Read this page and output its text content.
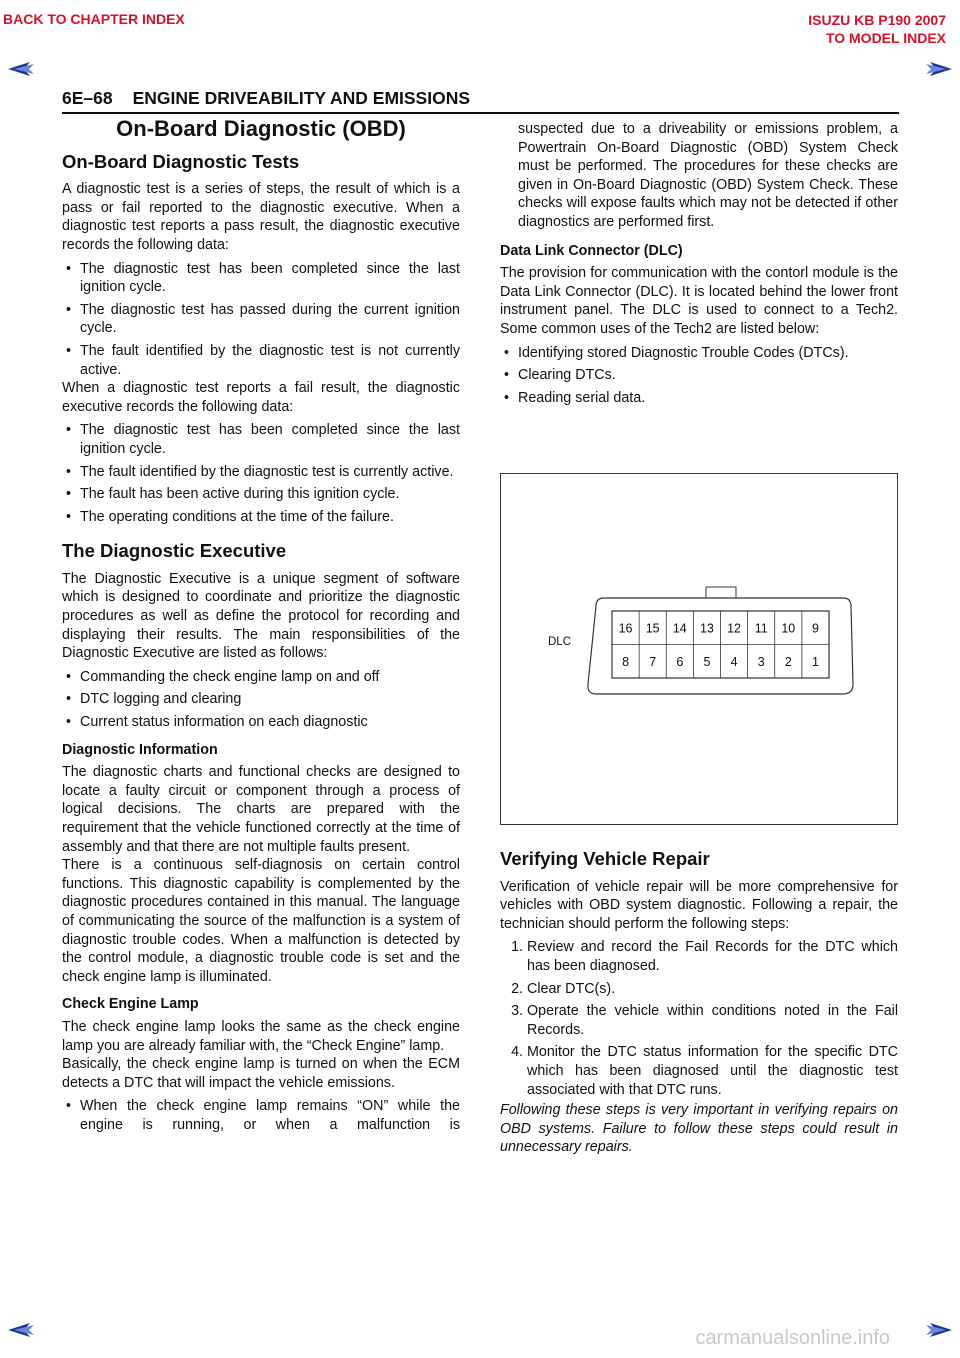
BACK TO CHAPTER INDEX	ISUZU KB P190 2007
TO MODEL INDEX
6E–68 ENGINE DRIVEABILITY AND EMISSIONS
On-Board Diagnostic (OBD)
On-Board Diagnostic Tests

A diagnostic test is a series of steps, the result of which is a pass or fail reported to the diagnostic executive. When a diagnostic test reports a pass result, the diagnostic executive records the following data:

• The diagnostic test has been completed since the last ignition cycle.
• The diagnostic test has passed during the current ignition cycle.
• The fault identified by the diagnostic test is not currently active.

When a diagnostic test reports a fail result, the diagnostic executive records the following data:

• The diagnostic test has been completed since the last ignition cycle.
• The fault identified by the diagnostic test is currently active.
• The fault has been active during this ignition cycle.
• The operating conditions at the time of the failure.
The Diagnostic Executive

The Diagnostic Executive is a unique segment of software which is designed to coordinate and prioritize the diagnostic procedures as well as define the protocol for recording and displaying their results. The main responsibilities of the Diagnostic Executive are listed as follows:

• Commanding the check engine lamp on and off
• DTC logging and clearing
• Current status information on each diagnostic
Diagnostic Information

The diagnostic charts and functional checks are designed to locate a faulty circuit or component through a process of logical decisions. The charts are prepared with the requirement that the vehicle functioned correctly at the time of assembly and that there are not multiple faults present.

There is a continuous self-diagnosis on certain control functions. This diagnostic capability is complemented by the diagnostic procedures contained in this manual. The language of communicating the source of the malfunction is a system of diagnostic trouble codes. When a malfunction is detected by the control module, a diagnostic trouble code is set and the check engine lamp is illuminated.

Check Engine Lamp

The check engine lamp looks the same as the check engine lamp you are already familiar with, the “Check Engine” lamp.

Basically, the check engine lamp is turned on when the ECM detects a DTC that will impact the vehicle emissions.

• When the check engine lamp remains “ON” while the engine is running, or when a malfunction is

suspected due to a driveability or emissions problem, a Powertrain On-Board Diagnostic (OBD) System Check must be performed. The procedures for these checks are given in On-Board Diagnostic (OBD) System Check. These checks will expose faults which may not be detected if other diagnostics are performed first.

Data Link Connector (DLC)

The provision for communication with the contorl module is the Data Link Connector (DLC). It is located behind the lower front instrument panel. The DLC is used to connect to a Tech2. Some common uses of the Tech2 are listed below:

• Identifying stored Diagnostic Trouble Codes (DTCs).
• Clearing DTCs.
• Reading serial data.
16 15 14 13 12 11 10 9
8 7 6 5 4 3 2 1
DLC
Verifying Vehicle Repair

Verification of vehicle repair will be more comprehensive for vehicles with OBD system diagnostic. Following a repair, the technician should perform the following steps:

1. Review and record the Fail Records for the DTC which has been diagnosed.
2. Clear DTC(s).
3. Operate the vehicle within conditions noted in the Fail Records.
4. Monitor the DTC status information for the specific DTC which has been diagnosed until the diagnostic test associated with that DTC runs.

Following these steps is very important in verifying repairs on OBD systems. Failure to follow these steps could result in unnecessary repairs.

carmanualsonline.info
